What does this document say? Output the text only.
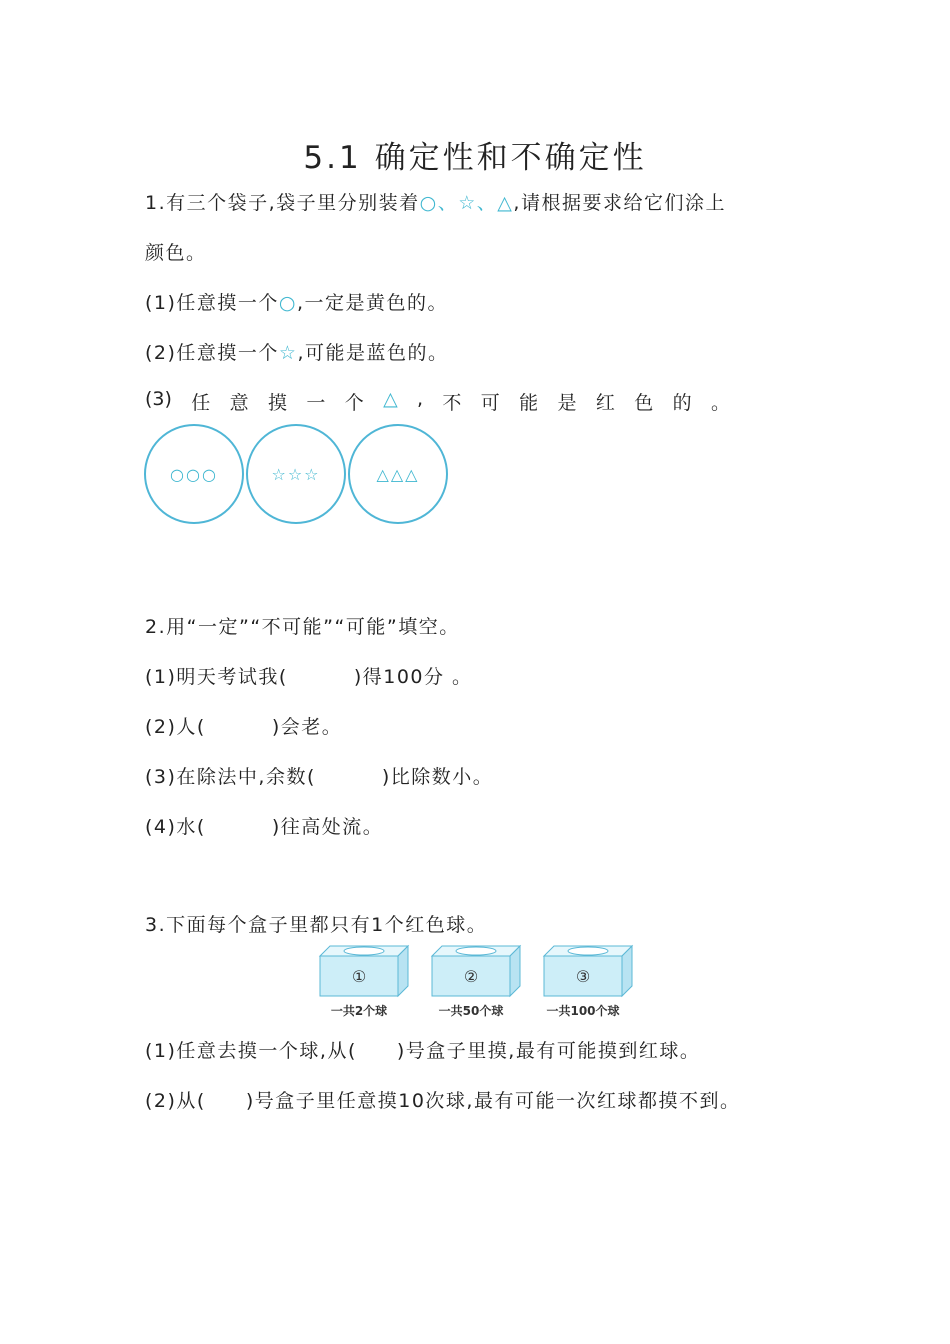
5.1 确定性和不确定性
1.有三个袋子,袋子里分别装着○、☆、△,请根据要求给它们涂上
颜色。
(1)任意摸一个○,一定是黄色的。
(2)任意摸一个☆,可能是蓝色的。
(3) 任 意 摸 一 个 △ , 不 可 能 是 红 色 的 。
○○○	☆☆☆	△△△
2.用“一定”“不可能”“可能”填空。
(1)明天考试我(	)得100分 。
(2)人(	)会老。
(3)在除法中,余数(	)比除数小。
(4)水(	)往高处流。
3.下面每个盒子里都只有1个红色球。
①	②	③
一共2个球	一共50个球	一共100个球
(1)任意去摸一个球,从( )号盒子里摸,最有可能摸到红球。
(2)从( )号盒子里任意摸10次球,最有可能一次红球都摸不到。
